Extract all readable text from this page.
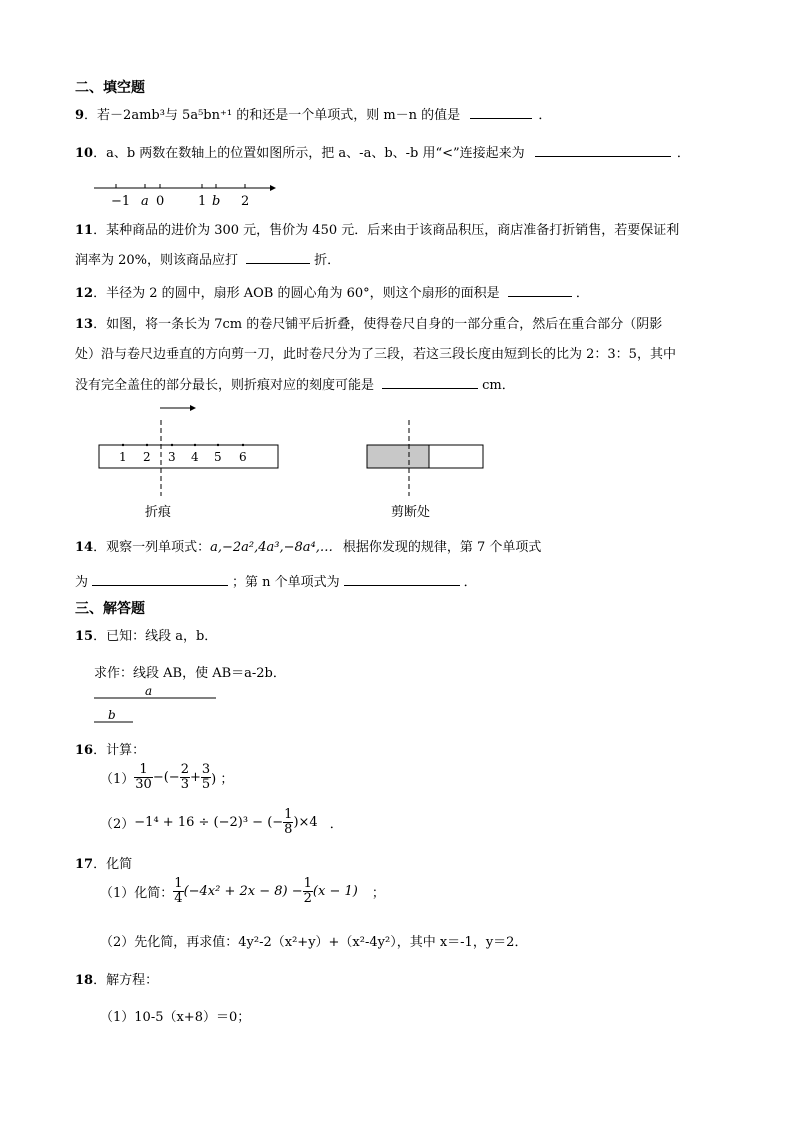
二、填空题
9．若－2amb³与 5a⁵bn⁺¹ 的和还是一个单项式，则 m－n 的值是	．
10．a、b 两数在数轴上的位置如图所示，把 a、-a、b、-b 用“<”连接起来为	．
−1 a 0	1 b 2
11．某种商品的进价为 300 元，售价为 450 元．后来由于该商品积压，商店准备打折销售，若要保证利
润率为 20%，则该商品应打	折．
12．半径为 2 的圆中，扇形 AOB 的圆心角为 60°，则这个扇形的面积是	．
13．如图，将一条长为 7cm 的卷尺铺平后折叠，使得卷尺自身的一部分重合，然后在重合部分（阴影
处）沿与卷尺边垂直的方向剪一刀，此时卷尺分为了三段，若这三段长度由短到长的比为 2：3：5，其中
没有完全盖住的部分最长，则折痕对应的刻度可能是	cm．
1 2 3 4 5 6
折痕	剪断处
14．观察一列单项式：a,−2a²,4a³,−8a⁴,… 根据你发现的规律，第 7 个单项式
为	；第 n 个单项式为	．
三、解答题
15．已知：线段 a，b．
求作：线段 AB，使 AB＝a-2b．
a
b
16．计算：
$(1) \frac{1}{30}$ −(− $\frac{2}{3} + \frac{3}{5}$ ) ；
（2）−1⁴ + 16 ÷ (−2)³ − (− $\frac{1}{8} )\times 4$ ．
17．化简
（1）化简： $\frac{1}{4} (-4x^2 + 2x - 8) - \frac{1}{2} (x - 1)$ ；
（2）先化简，再求值：4y²-2（x²+y）+（x²-4y²），其中 x＝-1，y＝2．
18．解方程：
（1）10-5（x+8）＝0；
